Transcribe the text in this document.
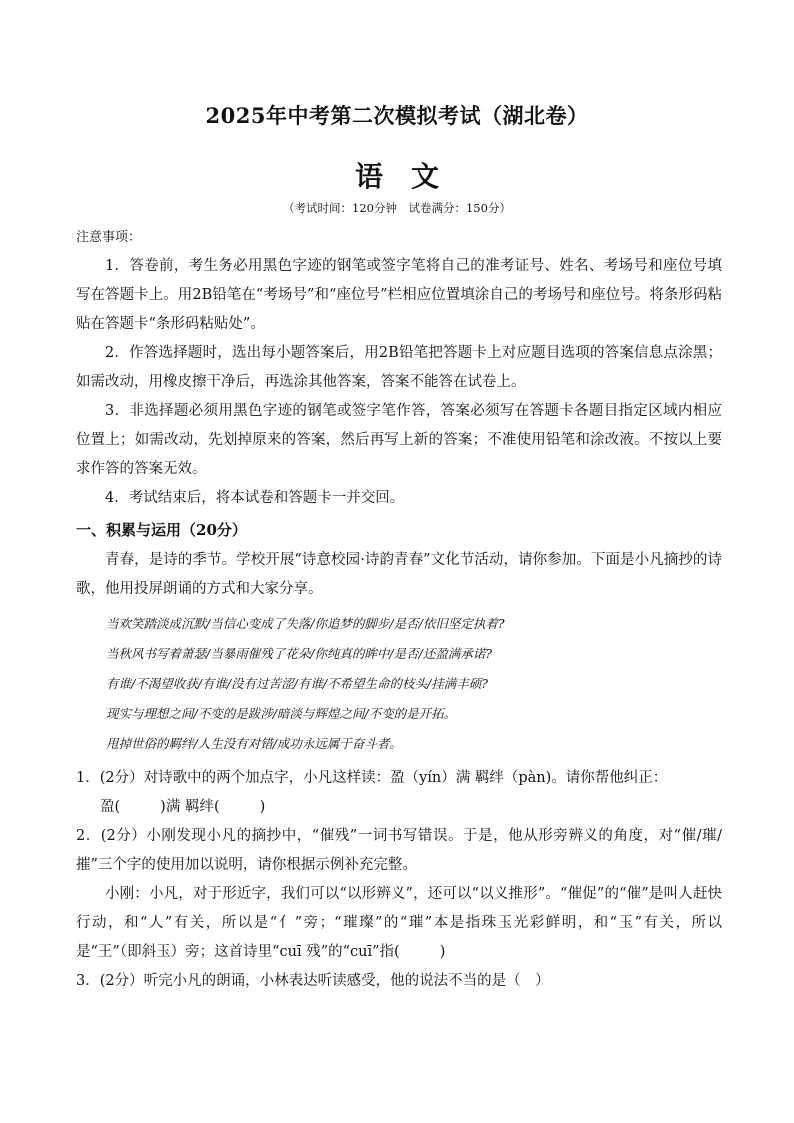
2025年中考第二次模拟考试（湖北卷）
语 文
（考试时间：120分钟　试卷满分：150分）
注意事项：

1．答卷前，考生务必用黑色字迹的钢笔或签字笔将自己的准考证号、姓名、考场号和座位号填写在答题卡上。用2B铅笔在“考场号”和“座位号”栏相应位置填涂自己的考场号和座位号。将条形码粘贴在答题卡“条形码粘贴处”。

2．作答选择题时，选出每小题答案后，用2B铅笔把答题卡上对应题目选项的答案信息点涂黑；如需改动，用橡皮擦干净后，再选涂其他答案，答案不能答在试卷上。

3．非选择题必须用黑色字迹的钢笔或签字笔作答，答案必须写在答题卡各题目指定区域内相应位置上；如需改动，先划掉原来的答案，然后再写上新的答案；不准使用铅笔和涂改液。不按以上要求作答的答案无效。

4．考试结束后，将本试卷和答题卡一并交回。

一、积累与运用（20分）

青春，是诗的季节。学校开展“诗意校园·诗韵青春”文化节活动，请你参加。下面是小凡摘抄的诗歌，他用投屏朗诵的方式和大家分享。

当欢笑踏淡成沉默/当信心变成了失落/你追梦的脚步/是否/依旧坚定执着?
当秋风书写着萧瑟/当暴雨催残了花朵/你纯真的眸中/是否/还盈满承诺?
有谁/不渴望收获/有谁/没有过苦涩/有谁/不希望生命的枝头/挂满丰硕?
现实与理想之间/不变的是跋涉/暗淡与辉煌之间/不变的是开拓。
甩掉世俗的羁绊/人生没有对错/成功永远属于奋斗者。

1．(2分）对诗歌中的两个加点字，小凡这样读：盈（yín）满 羁绊（pàn)。请你帮他纠正：

盈(	)满 羁绊(	)

2．(2分）小刚发现小凡的摘抄中，“催残”一词书写错误。于是，他从形旁辨义的角度，对“催/璀/摧”三个字的使用加以说明，请你根据示例补充完整。

小刚：小凡，对于形近字，我们可以“以形辨义”，还可以“以义推形”。“催促”的“催”是叫人赶快行动，和“人”有关，所以是“亻”旁；“璀璨”的“璀”本是指珠玉光彩鲜明，和“玉”有关，所以是“王”（即斜玉）旁；这首诗里“cuī 残”的“cuī”指(	)

3．(2分）听完小凡的朗诵，小林表达听读感受，他的说法不当的是（　）
